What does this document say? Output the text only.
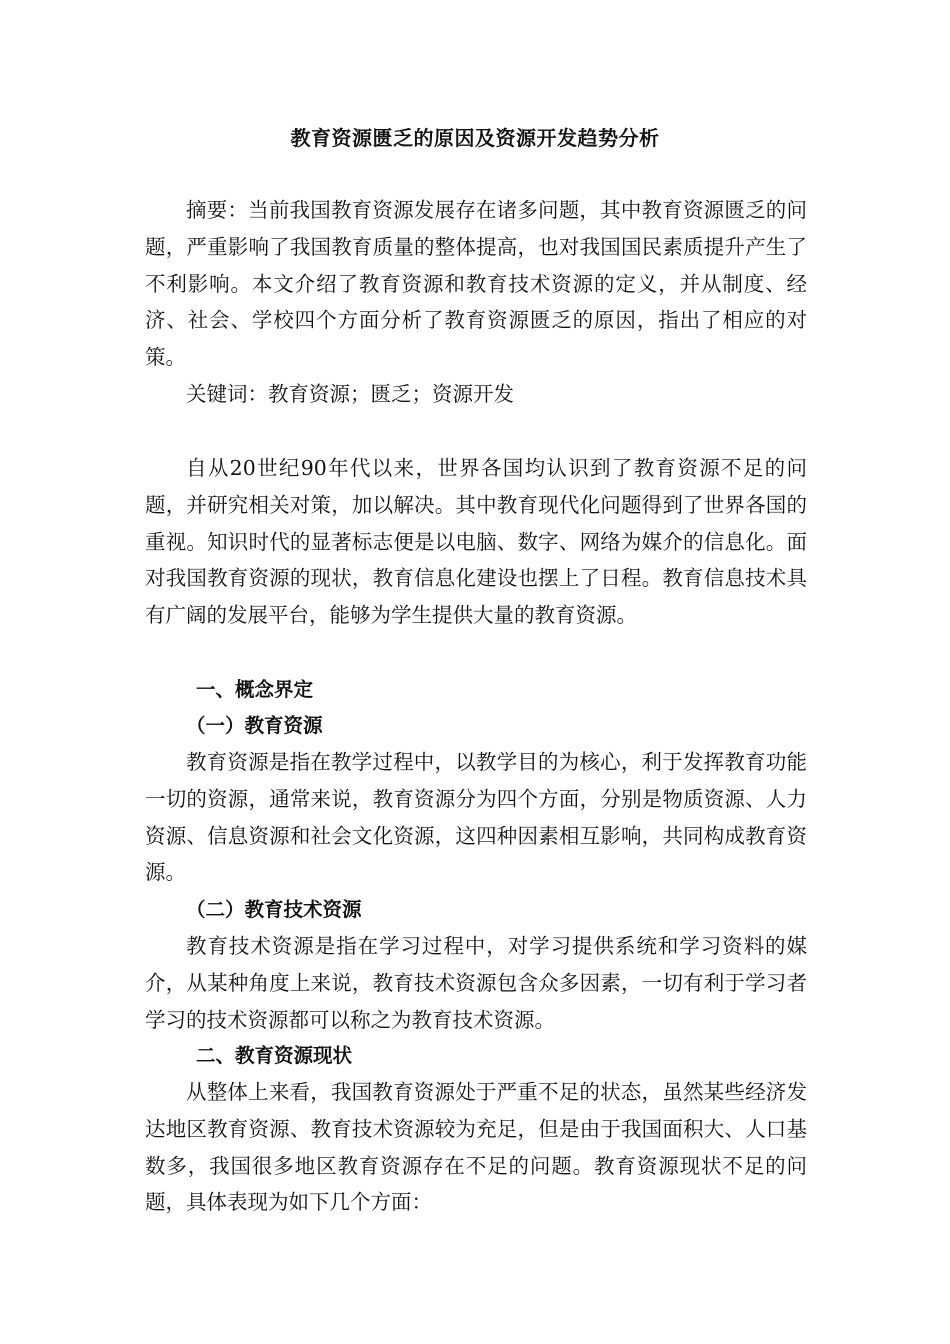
教育资源匮乏的原因及资源开发趋势分析

摘要：当前我国教育资源发展存在诸多问题，其中教育资源匮乏的问题，严重影响了我国教育质量的整体提高，也对我国国民素质提升产生了不利影响。本文介绍了教育资源和教育技术资源的定义，并从制度、经济、社会、学校四个方面分析了教育资源匮乏的原因，指出了相应的对策。

关键词：教育资源；匮乏；资源开发

自从20世纪90年代以来，世界各国均认识到了教育资源不足的问题，并研究相关对策，加以解决。其中教育现代化问题得到了世界各国的重视。知识时代的显著标志便是以电脑、数字、网络为媒介的信息化。面对我国教育资源的现状，教育信息化建设也摆上了日程。教育信息技术具有广阔的发展平台，能够为学生提供大量的教育资源。

一、概念界定
（一）教育资源

教育资源是指在教学过程中，以教学目的为核心，利于发挥教育功能一切的资源，通常来说，教育资源分为四个方面，分别是物质资源、人力资源、信息资源和社会文化资源，这四种因素相互影响，共同构成教育资源。

（二）教育技术资源

教育技术资源是指在学习过程中，对学习提供系统和学习资料的媒介，从某种角度上来说，教育技术资源包含众多因素，一切有利于学习者学习的技术资源都可以称之为教育技术资源。

二、教育资源现状

从整体上来看，我国教育资源处于严重不足的状态，虽然某些经济发达地区教育资源、教育技术资源较为充足，但是由于我国面积大、人口基数多，我国很多地区教育资源存在不足的问题。教育资源现状不足的问题，具体表现为如下几个方面：
